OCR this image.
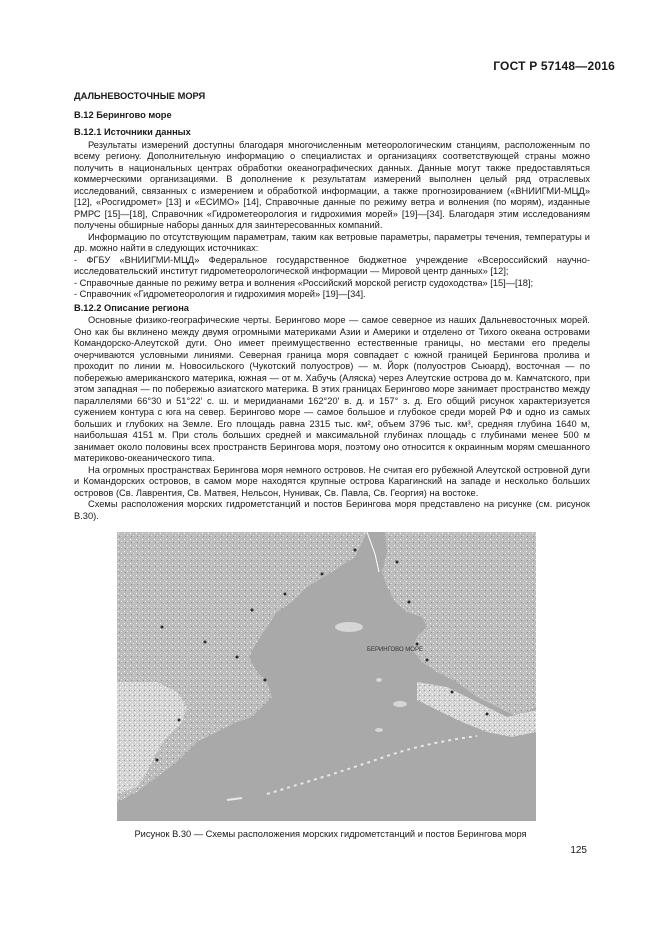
ГОСТ Р 57148—2016
ДАЛЬНЕВОСТОЧНЫЕ МОРЯ
В.12 Берингово море
В.12.1 Источники данных

Результаты измерений доступны благодаря многочисленным метеорологическим станциям, расположенным по всему региону. Дополнительную информацию о специалистах и организациях соответствующей страны можно получить в национальных центрах обработки океанографических данных. Данные могут также предоставляться коммерческими организациями. В дополнение к результатам измерений выполнен целый ряд отраслевых исследований, связанных с измерением и обработкой информации, а также прогнозированием («ВНИИГМИ-МЦД» [12], «Росгидромет» [13] и «ЕСИМО» [14], Справочные данные по режиму ветра и волнения (по морям), изданные РМРС [15]—[18], Справочник «Гидрометеорология и гидрохимия морей» [19]—[34]. Благодаря этим исследованиям получены обширные наборы данных для заинтересованных компаний.

Информацию по отсутствующим параметрам, таким как ветровые параметры, параметры течения, температуры и др. можно найти в следующих источниках:

- ФГБУ «ВНИИГМИ-МЦД» Федеральное государственное бюджетное учреждение «Всероссийский научно-исследовательский институт гидрометеорологической информации — Мировой центр данных» [12];

- Справочные данные по режиму ветра и волнения «Российский морской регистр судоходства» [15]—[18];

- Справочник «Гидрометеорология и гидрохимия морей» [19]—[34].

В.12.2 Описание региона

Основные физико-географические черты. Берингово море — самое северное из наших Дальневосточных морей. Оно как бы вклинено между двумя огромными материками Азии и Америки и отделено от Тихого океана островами Командорско-Алеутской дуги. Оно имеет преимущественно естественные границы, но местами его пределы очерчиваются условными линиями. Северная граница моря совпадает с южной границей Берингова пролива и проходит по линии м. Новосильского (Чукотский полуостров) — м. Йорк (полуостров Сьюард), восточная — по побережью американского материка, южная — от м. Хабучь (Аляска) через Алеутские острова до м. Камчатского, при этом западная — по побережью азиатского материка. В этих границах Берингово море занимает пространство между параллелями 66°30 и 51°22' с. ш. и меридианами 162°20' в. д. и 157° з. д. Его общий рисунок характеризуется сужением контура с юга на север. Берингово море — самое большое и глубокое среди морей РФ и одно из самых больших и глубоких на Земле. Его площадь равна 2315 тыс. км², объем 3796 тыс. км³, средняя глубина 1640 м, наибольшая 4151 м. При столь больших средней и максимальной глубинах площадь с глубинами менее 500 м занимает около половины всех пространств Берингова моря, поэтому оно относится к окраинным морям смешанного материково-океанического типа.

На огромных пространствах Берингова моря немного островов. Не считая его рубежной Алеутской островной дуги и Командорских островов, в самом море находятся крупные острова Карагинский на западе и несколько больших островов (Св. Лаврентия, Св. Матвея, Нельсон, Нунивак, Св. Павла, Св. Георгия) на востоке.

Схемы расположения морских гидрометстанций и постов Берингова моря представлено на рисунке (см. рисунок В.30).

БЕРИНГОВО МОРЕ
Рисунок В.30 — Схемы расположения морских гидрометстанций и постов Берингова моря
125
